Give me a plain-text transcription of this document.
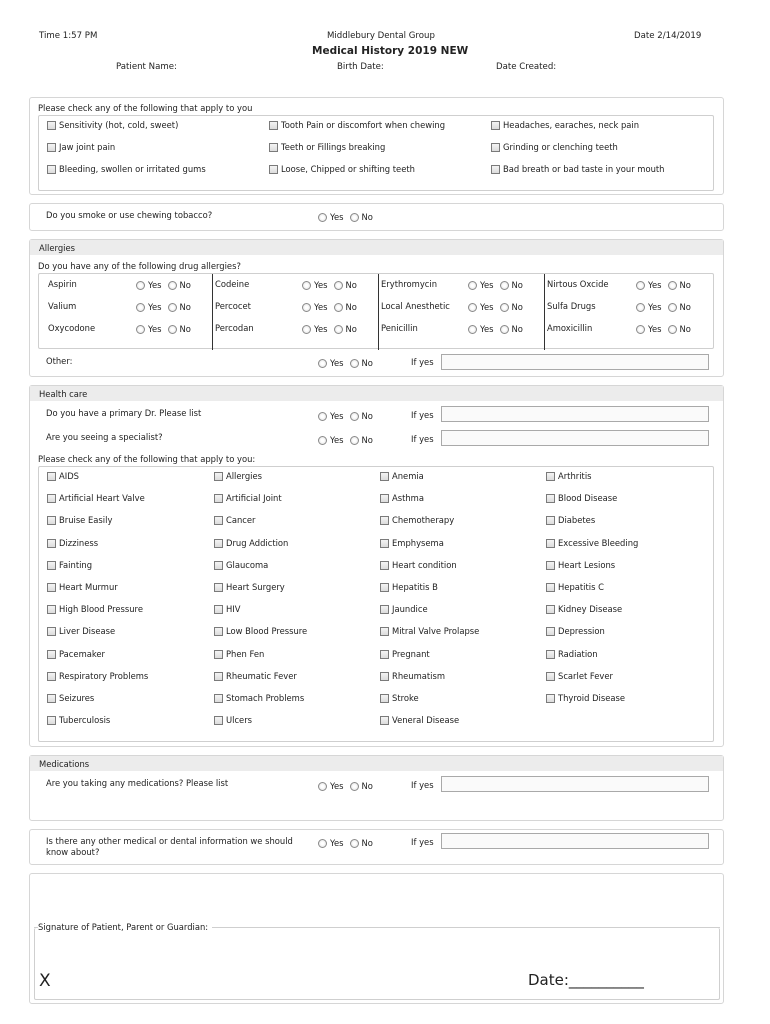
Time 1:57 PM	Middlebury Dental Group	Date 2/14/2019
Medical History 2019 NEW
Patient Name:	Birth Date:	Date Created:
Please check any of the following that apply to you
Sensitivity (hot, cold, sweet)	Tooth Pain or discomfort when chewing	Headaches, earaches, neck pain
Jaw joint pain	Teeth or Fillings breaking	Grinding or clenching teeth
Bleeding, swollen or irritated gums	Loose, Chipped or shifting teeth	Bad breath or bad taste in your mouth
Do you smoke or use chewing tobacco?	Yes No
Allergies
Do you have any of the following drug allergies?
Aspirin	Yes No	Codeine	Yes No	Erythromycin	Yes No	Nirtous Oxcide	Yes No
Valium	Yes No	Percocet	Yes No	Local Anesthetic	Yes No	Sulfa Drugs	Yes No
Oxycodone	Yes No	Percodan	Yes No	Penicillin	Yes No	Amoxicillin	Yes No
Other:	Yes No	If yes
Health care
Do you have a primary Dr. Please list	Yes No	If yes
Are you seeing a specialist?	Yes No	If yes
Please check any of the following that apply to you:
AIDS	Allergies	Anemia	Arthritis
Artificial Heart Valve	Artificial Joint	Asthma	Blood Disease
Bruise Easily	Cancer	Chemotherapy	Diabetes
Dizziness	Drug Addiction	Emphysema	Excessive Bleeding
Fainting	Glaucoma	Heart condition	Heart Lesions
Heart Murmur	Heart Surgery	Hepatitis B	Hepatitis C
High Blood Pressure	HIV	Jaundice	Kidney Disease
Liver Disease	Low Blood Pressure	Mitral Valve Prolapse	Depression
Pacemaker	Phen Fen	Pregnant	Radiation
Respiratory Problems	Rheumatic Fever	Rheumatism	Scarlet Fever
Seizures	Stomach Problems	Stroke	Thyroid Disease
Tuberculosis	Ulcers	Veneral Disease
Medications
Are you taking any medications? Please list	Yes No	If yes
Is there any other medical or dental information we should
know about?
Yes No	If yes
Signature of Patient, Parent or Guardian:
X	Date:__________
